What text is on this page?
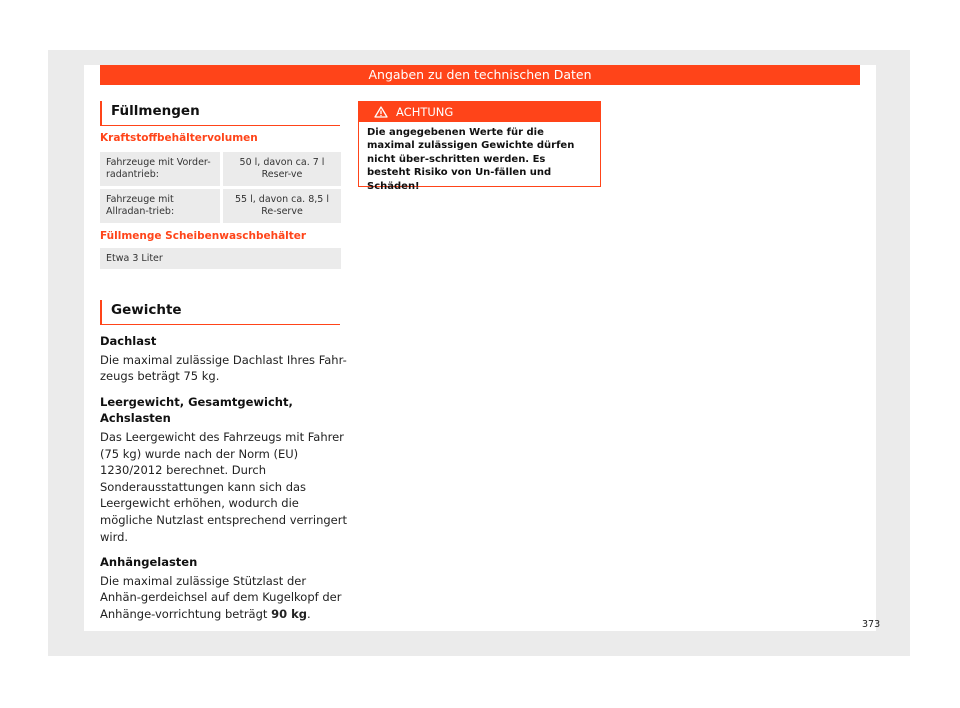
Angaben zu den technischen Daten
Füllmengen
Kraftstoffbehältervolumen
Fahrzeuge mit Vorder-radantrieb:	50 l, davon ca. 7 l Reser-ve
Fahrzeuge mit Allradan-trieb:	55 l, davon ca. 8,5 l Re-serve
Füllmenge Scheibenwaschbehälter
Etwa 3 Liter
Gewichte
Dachlast

Die maximal zulässige Dachlast Ihres Fahr-zeugs beträgt 75 kg.

Leergewicht, Gesamtgewicht, Achslasten

Das Leergewicht des Fahrzeugs mit Fahrer (75 kg) wurde nach der Norm (EU) 1230/2012 berechnet. Durch Sonderausstattungen kann sich das Leergewicht erhöhen, wodurch die mögliche Nutzlast entsprechend verringert wird.

Anhängelasten

Die maximal zulässige Stützlast der Anhän-gerdeichsel auf dem Kugelkopf der Anhänge-vorrichtung beträgt 90 kg.

ACHTUNG
Die angegebenen Werte für die maximal zulässigen Gewichte dürfen nicht über-schritten werden. Es besteht Risiko von Un-fällen und Schäden!
373
